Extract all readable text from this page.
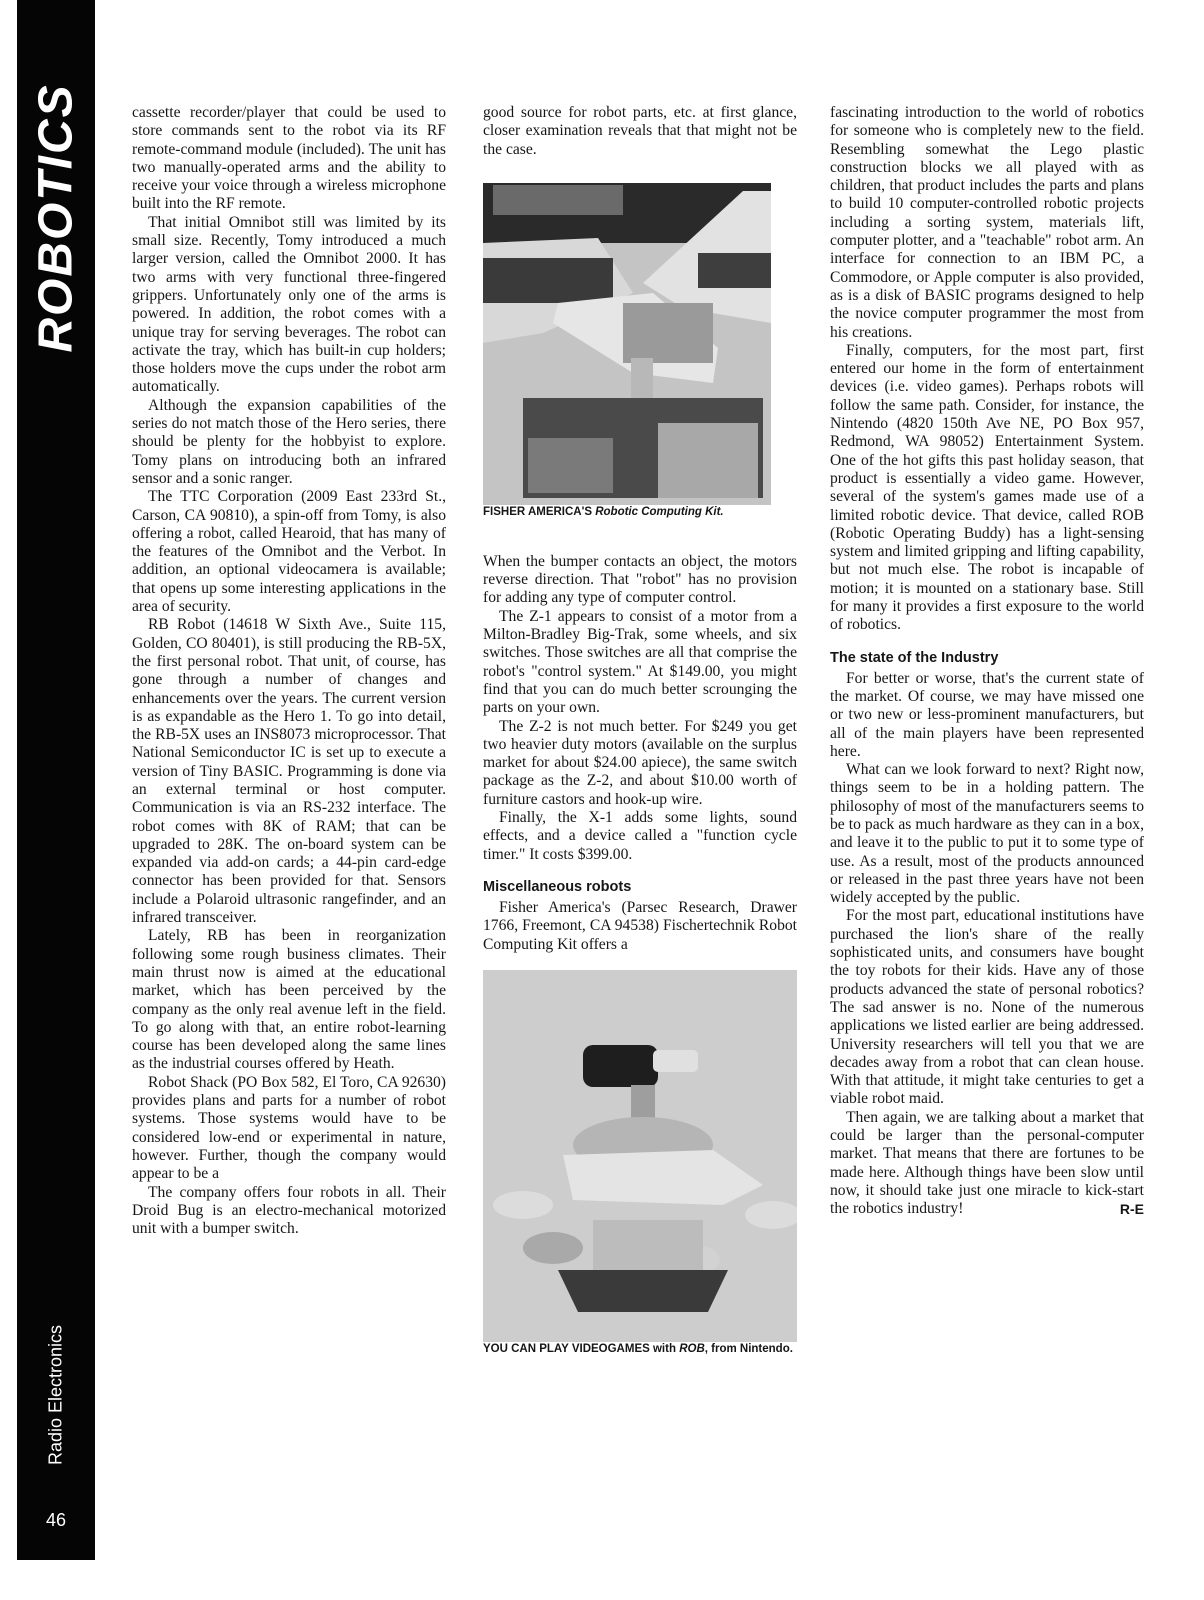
ROBOTICS
Radio Electronics
46

cassette recorder/player that could be used to store commands sent to the robot via its RF remote-command module (included). The unit has two manually-operated arms and the ability to receive your voice through a wireless microphone built into the RF remote.

That initial Omnibot still was limited by its small size. Recently, Tomy introduced a much larger version, called the Omnibot 2000. It has two arms with very functional three-fingered grippers. Unfortunately only one of the arms is powered. In addition, the robot comes with a unique tray for serving beverages. The robot can activate the tray, which has built-in cup holders; those holders move the cups under the robot arm automatically.

Although the expansion capabilities of the series do not match those of the Hero series, there should be plenty for the hobbyist to explore. Tomy plans on introducing both an infrared sensor and a sonic ranger.

The TTC Corporation (2009 East 233rd St., Carson, CA 90810), a spin-off from Tomy, is also offering a robot, called Hearoid, that has many of the features of the Omnibot and the Verbot. In addition, an optional videocamera is available; that opens up some interesting applications in the area of security.

RB Robot (14618 W Sixth Ave., Suite 115, Golden, CO 80401), is still producing the RB-5X, the first personal robot. That unit, of course, has gone through a number of changes and enhancements over the years. The current version is as expandable as the Hero 1. To go into detail, the RB-5X uses an INS8073 microprocessor. That National Semiconductor IC is set up to execute a version of Tiny BASIC. Programming is done via an external terminal or host computer. Communication is via an RS-232 interface. The robot comes with 8K of RAM; that can be upgraded to 28K. The on-board system can be expanded via add-on cards; a 44-pin card-edge connector has been provided for that. Sensors include a Polaroid ultrasonic rangefinder, and an infrared transceiver.

Lately, RB has been in reorganization following some rough business climates. Their main thrust now is aimed at the educational market, which has been perceived by the company as the only real avenue left in the field. To go along with that, an entire robot-learning course has been developed along the same lines as the industrial courses offered by Heath.

Robot Shack (PO Box 582, El Toro, CA 92630) provides plans and parts for a number of robot systems. Those systems would have to be considered low-end or experimental in nature, however. Further, though the company would appear to be a

The company offers four robots in all. Their Droid Bug is an electro-mechanical motorized unit with a bumper switch.

good source for robot parts, etc. at first glance, closer examination reveals that that might not be the case.

FISHER AMERICA'S Robotic Computing Kit.

When the bumper contacts an object, the motors reverse direction. That "robot" has no provision for adding any type of computer control.

The Z-1 appears to consist of a motor from a Milton-Bradley Big-Trak, some wheels, and six switches. Those switches are all that comprise the robot's "control system." At $149.00, you might find that you can do much better scrounging the parts on your own.

The Z-2 is not much better. For $249 you get two heavier duty motors (available on the surplus market for about $24.00 apiece), the same switch package as the Z-2, and about $10.00 worth of furniture castors and hook-up wire.

Finally, the X-1 adds some lights, sound effects, and a device called a "function cycle timer." It costs $399.00.

Miscellaneous robots

Fisher America's (Parsec Research, Drawer 1766, Freemont, CA 94538) Fischertechnik Robot Computing Kit offers a

YOU CAN PLAY VIDEOGAMES with ROB, from Nintendo.

fascinating introduction to the world of robotics for someone who is completely new to the field. Resembling somewhat the Lego plastic construction blocks we all played with as children, that product includes the parts and plans to build 10 computer-controlled robotic projects including a sorting system, materials lift, computer plotter, and a "teachable" robot arm. An interface for connection to an IBM PC, a Commodore, or Apple computer is also provided, as is a disk of BASIC programs designed to help the novice computer programmer the most from his creations.

Finally, computers, for the most part, first entered our home in the form of entertainment devices (i.e. video games). Perhaps robots will follow the same path. Consider, for instance, the Nintendo (4820 150th Ave NE, PO Box 957, Redmond, WA 98052) Entertainment System. One of the hot gifts this past holiday season, that product is essentially a video game. However, several of the system's games made use of a limited robotic device. That device, called ROB (Robotic Operating Buddy) has a light-sensing system and limited gripping and lifting capability, but not much else. The robot is incapable of motion; it is mounted on a stationary base. Still for many it provides a first exposure to the world of robotics.

The state of the Industry

For better or worse, that's the current state of the market. Of course, we may have missed one or two new or less-prominent manufacturers, but all of the main players have been represented here.

What can we look forward to next? Right now, things seem to be in a holding pattern. The philosophy of most of the manufacturers seems to be to pack as much hardware as they can in a box, and leave it to the public to put it to some type of use. As a result, most of the products announced or released in the past three years have not been widely accepted by the public.

For the most part, educational institutions have purchased the lion's share of the really sophisticated units, and consumers have bought the toy robots for their kids. Have any of those products advanced the state of personal robotics? The sad answer is no. None of the numerous applications we listed earlier are being addressed. University researchers will tell you that we are decades away from a robot that can clean house. With that attitude, it might take centuries to get a viable robot maid.

Then again, we are talking about a market that could be larger than the personal-computer market. That means that there are fortunes to be made here. Although things have been slow until now, it should take just one miracle to kick-start the robotics industry!	R-E
